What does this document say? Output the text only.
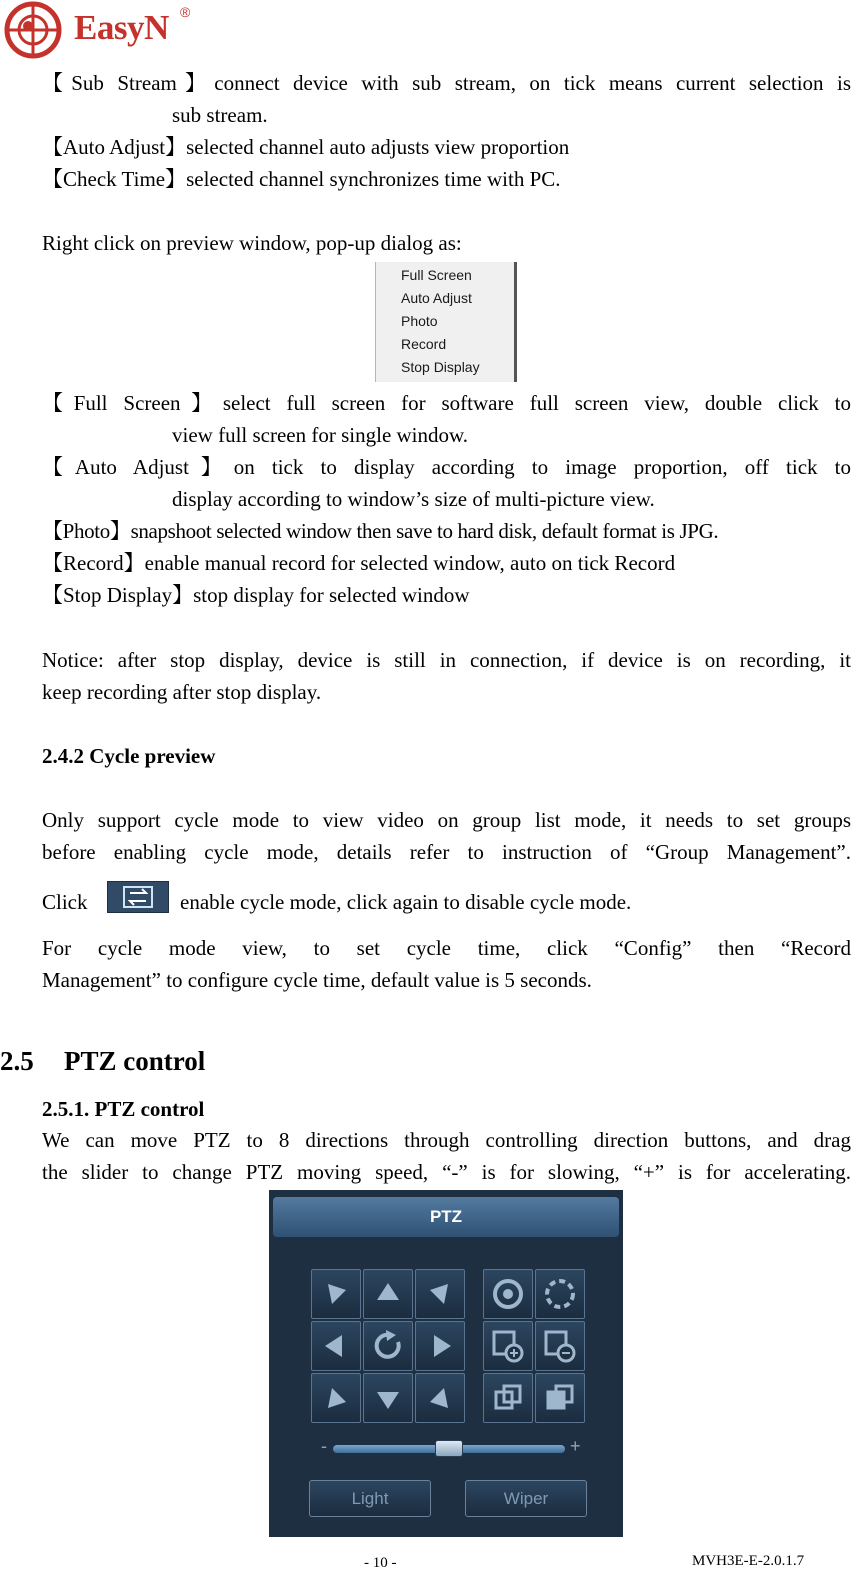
EasyN ®
【Sub Stream】connect device with sub stream, on tick means current selection is
sub stream.
【Auto Adjust】selected channel auto adjusts view proportion
【Check Time】selected channel synchronizes time with PC.
Right click on preview window, pop-up dialog as:
Full Screen
Auto Adjust
Photo
Record
Stop Display
【Full Screen】select full screen for software full screen view, double click to
view full screen for single window.
【Auto Adjust】on tick to display according to image proportion, off tick to
display according to window’s size of multi-picture view.
【Photo】snapshoot selected window then save to hard disk, default format is JPG.
【Record】enable manual record for selected window, auto on tick Record
【Stop Display】stop display for selected window
Notice: after stop display, device is still in connection, if device is on recording, it
keep recording after stop display.
2.4.2 Cycle preview
Only support cycle mode to view video on group list mode, it needs to set groups
before enabling cycle mode, details refer to instruction of “Group Management”.
Click	enable cycle mode, click again to disable cycle mode.
For cycle mode view, to set cycle time, click “Config” then “Record
Management” to configure cycle time, default value is 5 seconds.
2.5 PTZ control
2.5.1. PTZ control
We can move PTZ to 8 directions through controlling direction buttons, and drag
the slider to change PTZ moving speed, “-” is for slowing, “+” is for accelerating.
PTZ
-	+
Light	Wiper
- 10 -	MVH3E-E-2.0.1.7
